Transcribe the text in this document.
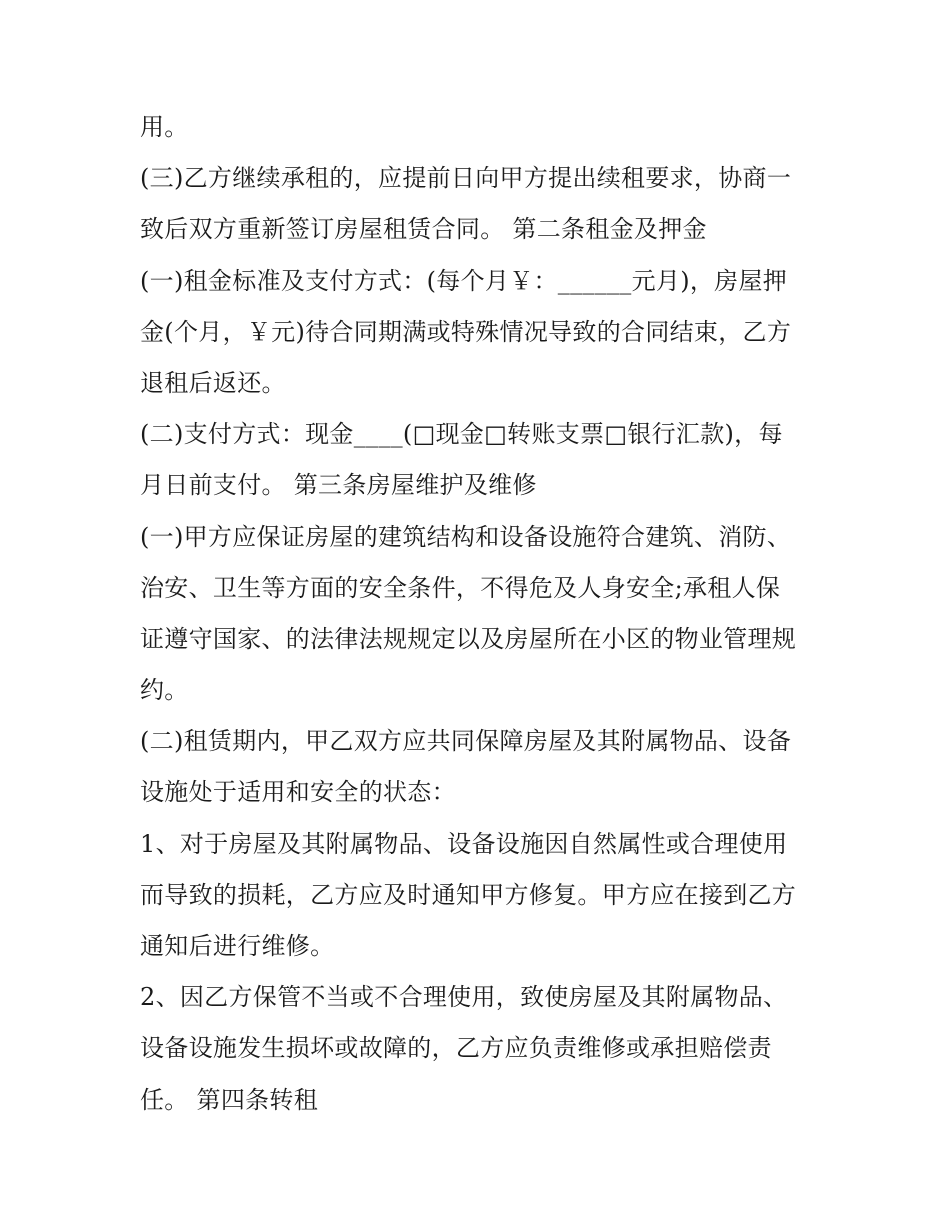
用。
(三)乙方继续承租的，应提前日向甲方提出续租要求，协商一
致后双方重新签订房屋租赁合同。 第二条租金及押金
(一)租金标准及支付方式：(每个月￥：______元月)，房屋押
金(个月，￥元)待合同期满或特殊情况导致的合同结束，乙方
退租后返还。
(二)支付方式：现金____(□现金□转账支票□银行汇款)，每
月日前支付。 第三条房屋维护及维修
(一)甲方应保证房屋的建筑结构和设备设施符合建筑、消防、
治安、卫生等方面的安全条件，不得危及人身安全;承租人保
证遵守国家、的法律法规规定以及房屋所在小区的物业管理规
约。
(二)租赁期内，甲乙双方应共同保障房屋及其附属物品、设备
设施处于适用和安全的状态：
1、对于房屋及其附属物品、设备设施因自然属性或合理使用
而导致的损耗，乙方应及时通知甲方修复。甲方应在接到乙方
通知后进行维修。
2、因乙方保管不当或不合理使用，致使房屋及其附属物品、
设备设施发生损坏或故障的，乙方应负责维修或承担赔偿责
任。 第四条转租
